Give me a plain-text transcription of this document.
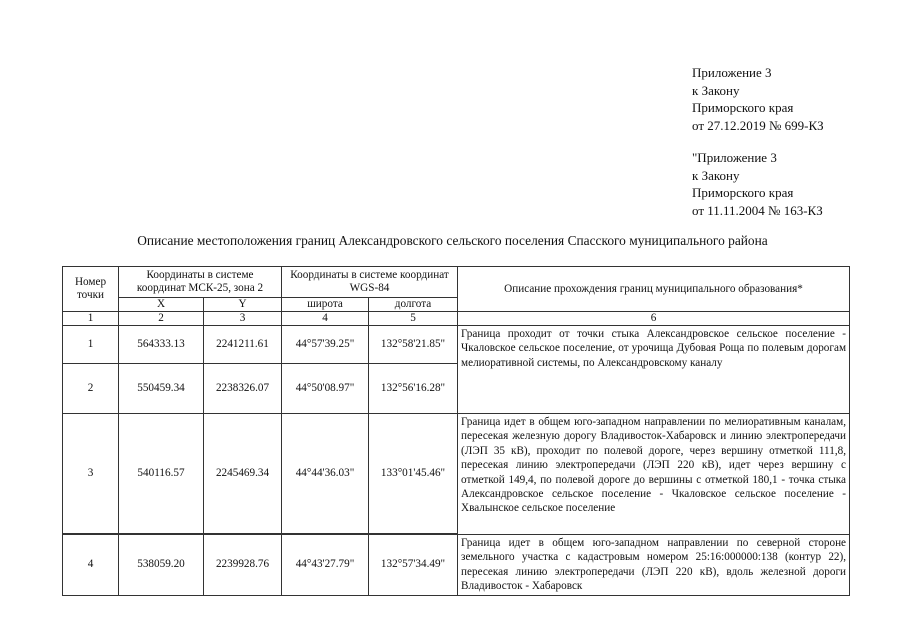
Приложение 3
к Закону
Приморского края
от 27.12.2019 № 699-КЗ
"Приложение 3
к Закону
Приморского края
от 11.11.2004 № 163-КЗ
Описание местоположения границ Александровского сельского поселения Спасского муниципального района
Номер точки	Координаты в системе координат МСК-25, зона 2		Координаты в системе координат WGS-84		Описание прохождения границ муниципального образования*
	X	Y	широта	долгота	
1	2	3	4	5	6
1	564333.13	2241211.61	44°57'39.25"	132°58'21.85"	Граница проходит от точки стыка Александровское сельское поселение - Чкаловское сельское поселение, от урочища Дубовая Роща по полевым дорогам мелиоративной системы, по Александровскому каналу
2	550459.34	2238326.07	44°50'08.97"	132°56'16.28"	
3	540116.57	2245469.34	44°44'36.03"	133°01'45.46"	Граница идет в общем юго-западном направлении по мелиоративным каналам, пересекая железную дорогу Владивосток-Хабаровск и линию электропередачи (ЛЭП 35 кВ), проходит по полевой дороге, через вершину отметкой 111,8, пересекая линию электропередачи (ЛЭП 220 кВ), идет через вершину с отметкой 149,4, по полевой дороге до вершины с отметкой 180,1 - точка стыка Александровское сельское поселение - Чкаловское сельское поселение - Хвалынское сельское поселение

4	538059.20	2239928.76	44°43'27.79"	132°57'34.49"	Граница идет в общем юго-западном направлении по северной стороне земельного участка с кадастровым номером 25:16:000000:138 (контур 22), пересекая линию электропередачи (ЛЭП 220 кВ), вдоль железной дороги Владивосток - Хабаровск
